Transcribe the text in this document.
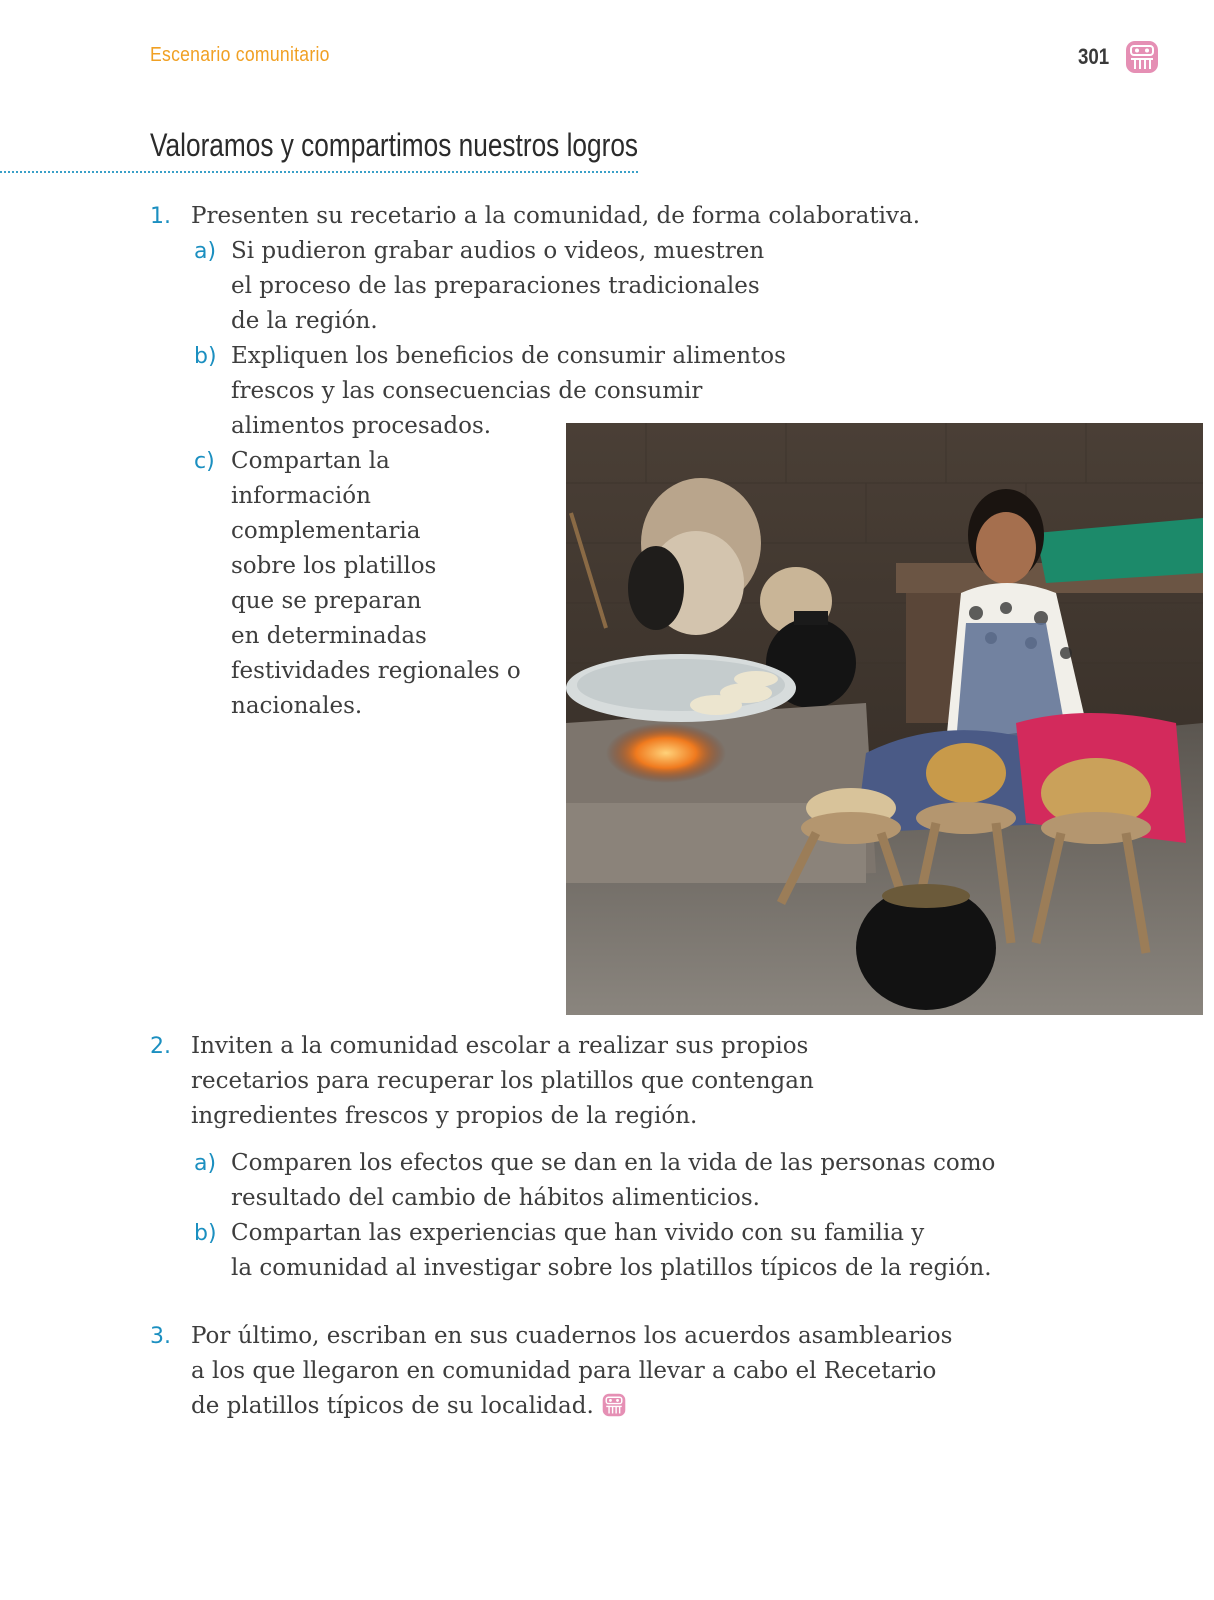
Escenario comunitario	301
Valoramos y compartimos nuestros logros
1. Presenten su recetario a la comunidad, de forma colaborativa.
a) Si pudieron grabar audios o videos, muestren
el proceso de las preparaciones tradicionales
de la región.
b) Expliquen los beneficios de consumir alimentos
frescos y las consecuencias de consumir
alimentos procesados.
c) Compartan la
información
complementaria
sobre los platillos
que se preparan
en determinadas
festividades regionales o
nacionales.
2. Inviten a la comunidad escolar a realizar sus propios
recetarios para recuperar los platillos que contengan
ingredientes frescos y propios de la región.
a) Comparen los efectos que se dan en la vida de las personas como
resultado del cambio de hábitos alimenticios.
b) Compartan las experiencias que han vivido con su familia y
la comunidad al investigar sobre los platillos típicos de la región.
3. Por último, escriban en sus cuadernos los acuerdos asamblearios
a los que llegaron en comunidad para llevar a cabo el Recetario
de platillos típicos de su localidad.
